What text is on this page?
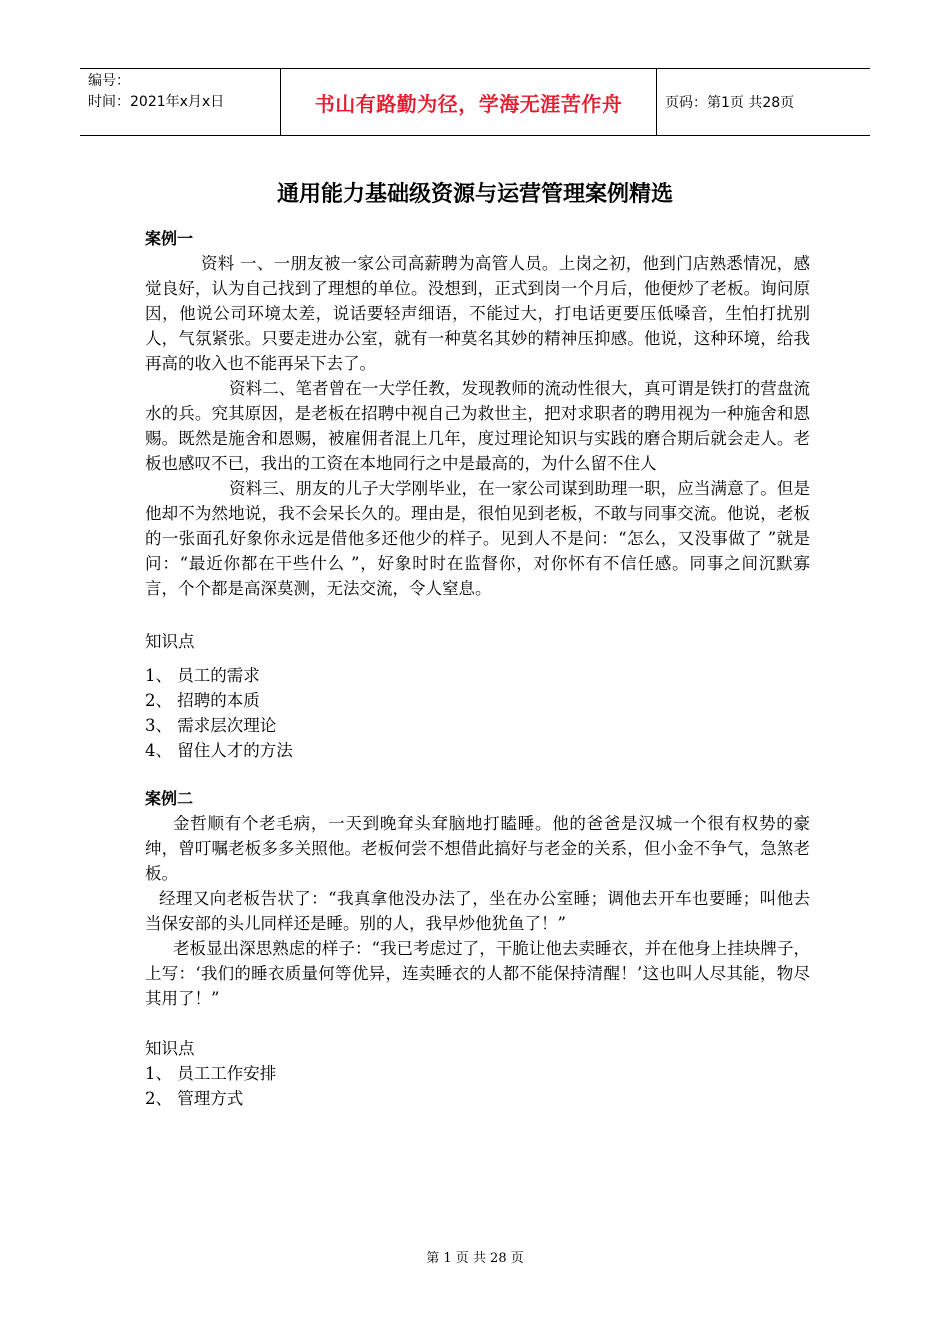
编号：
时间：2021年x月x日	书山有路勤为径，学海无涯苦作舟	页码：第1页 共28页
通用能力基础级资源与运营管理案例精选
案例一

资料 一、一朋友被一家公司高薪聘为高管人员。上岗之初，他到门店熟悉情况，感觉良好，认为自己找到了理想的单位。没想到，正式到岗一个月后，他便炒了老板。询问原因，他说公司环境太差，说话要轻声细语，不能过大，打电话更要压低嗓音，生怕打扰别人，气氛紧张。只要走进办公室，就有一种莫名其妙的精神压抑感。他说，这种环境，给我再高的收入也不能再呆下去了。

资料二、笔者曾在一大学任教，发现教师的流动性很大，真可谓是铁打的营盘流水的兵。究其原因，是老板在招聘中视自己为救世主，把对求职者的聘用视为一种施舍和恩赐。既然是施舍和恩赐，被雇佣者混上几年，度过理论知识与实践的磨合期后就会走人。老板也感叹不已，我出的工资在本地同行之中是最高的，为什么留不住人

资料三、朋友的儿子大学刚毕业，在一家公司谋到助理一职，应当满意了。但是他却不为然地说，我不会呆长久的。理由是，很怕见到老板，不敢与同事交流。他说，老板的一张面孔好象你永远是借他多还他少的样子。见到人不是问：“怎么，又没事做了 ”就是问：“最近你都在干些什么 ”，好象时时在监督你，对你怀有不信任感。同事之间沉默寡言，个个都是高深莫测，无法交流，令人窒息。

知识点

1、 员工的需求

2、 招聘的本质

3、 需求层次理论

4、 留住人才的方法

案例二

金哲顺有个老毛病，一天到晚耷头耷脑地打瞌睡。他的爸爸是汉城一个很有权势的豪绅，曾叮嘱老板多多关照他。老板何尝不想借此搞好与老金的关系，但小金不争气，急煞老板。

经理又向老板告状了：“我真拿他没办法了，坐在办公室睡；调他去开车也要睡；叫他去当保安部的头儿同样还是睡。别的人，我早炒他犹鱼了！”

老板显出深思熟虑的样子：“我已考虑过了，干脆让他去卖睡衣，并在他身上挂块牌子，上写：‘我们的睡衣质量何等优异，连卖睡衣的人都不能保持清醒！’这也叫人尽其能，物尽其用了！”

知识点

1、 员工工作安排

2、 管理方式

第 1 页 共 28 页
